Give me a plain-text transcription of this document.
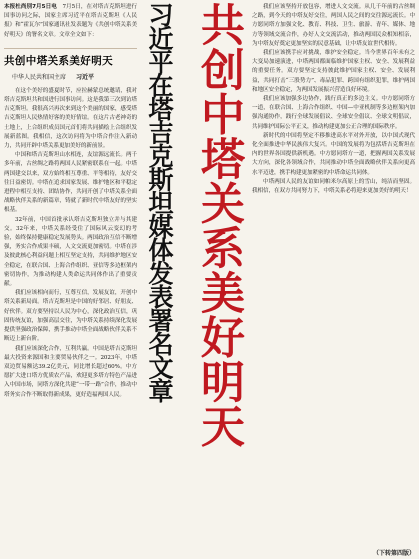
本报杜尚别7月5日电　 7月5日，在对塔吉克斯坦进行国事访问之际，国家主席习近平在塔吉克斯坦《人民报》和“霍瓦尔”国家通讯社发表题为《共创中塔关系美好明天》的署名文章。文章全文如下：

共创中塔关系美好明天
中华人民共和国主席 习近平

在这个美好的盛夏时节，应拉赫蒙总统邀请，我对塔吉克斯坦共和国进行国事访问。这是我第三次到访塔吉克斯坦。我很高兴再次来到这个美丽的国家，感受塔吉克斯坦人民热情好客的美好情谊。在这片古老神奇的土地上，上合组织成员国元首们将共同描绘上合组织发展新蓝图。我相信，这次访问将为中塔合作注入新动力，共同开辟中塔关系更加美好的新前景。

中国和塔吉克斯坦山水相连，友谊源远流长。两千多年前，古丝绸之路将两国人民紧密联系在一起。中塔两国建交以来，双方始终相互尊重、平等相待，友好交往日益密切。中塔在追求国家发展、维护地区和平稳定进程中相互支持、团结协作，共同开创了中塔关系全面战略伙伴关系的新篇章，铸就了新时代中塔友好的坚实根基。

32年前，中国首批承认塔吉克斯坦独立并与其建交。32年来，中塔关系经受住了国际风云变幻的考验，始终保持健康稳定发展势头。两国政治互信不断增强，务实合作成果丰硕，人文交流更加密切。中塔在涉及彼此核心利益问题上相互坚定支持，共同维护地区安全稳定，在联合国、上海合作组织、亚信等多边框架内密切协作，为推动构建人类命运共同体作出了重要贡献。

我们应该相向而行，互尊互信，发展友谊，开创中塔关系新局面。塔吉克斯坦是中国的好邻居、好朋友、好伙伴。双方要坚持以人民为中心，深化政治互信，巩固传统友谊，加强高层交往，为中塔关系持续深化发展提供坚强政治保障，携手推动中塔全面战略伙伴关系不断迈上新台阶。

我们应该深化合作，互利共赢。中国是塔吉克斯坦最大投资来源国和主要贸易伙伴之一。2023年，中塔双边贸易额达39.2亿美元，同比增长超过60%。中方愿扩大进口塔方优质农产品，欢迎更多塔方特色产品进入中国市场，同塔方深化共建“一带一路”合作，推动中塔务实合作不断取得新成果，更好造福两国人民。 习近平在塔吉克斯坦媒体发表署名文章 共创中塔关系美好明天	我们应该坚持开放包容，增进人文交流。从几千年前的古丝绸之路，到今天的中塔友好交往，两国人民之间的交往源远流长。中方愿同塔方加强文化、教育、科技、卫生、旅游、青年、媒体、地方等领域交流合作，办好人文交流活动，推动两国民众相知相亲，为中塔友好奠定更加坚实的民意基础，让中塔友谊世代相传。

我们应该携手应对挑战，维护安全稳定。当今世界百年未有之大变局加速演进，中塔两国都面临维护国家主权、安全、发展利益的重要任务。双方要坚定支持彼此维护国家主权、安全、发展利益，共同打击“三股势力”、毒品犯罪、跨国有组织犯罪，维护两国和地区安全稳定，为两国发展振兴营造良好环境。

我们应该加强多边协作，践行真正的多边主义。中方愿同塔方一道，在联合国、上海合作组织、中国—中亚机制等多边框架内加强沟通协作，践行全球发展倡议、全球安全倡议、全球文明倡议，共同维护国际公平正义，推动构建更加公正合理的国际秩序。

新时代的中国将坚定不移推进高水平对外开放，以中国式现代化全面推进中华民族伟大复兴。中国的发展将为包括塔吉克斯坦在内的世界各国提供新机遇。中方愿同塔方一道，把握两国关系发展大方向，深化各领域合作，共同推动中塔全面战略伙伴关系向更高水平迈进，携手构建更加紧密的中塔命运共同体。

中塔两国人民的友谊如同帕米尔高原上的雪山，纯洁而坚固。我相信，在双方共同努力下，中塔关系必将迎来更加美好的明天！

（下转第四版）
